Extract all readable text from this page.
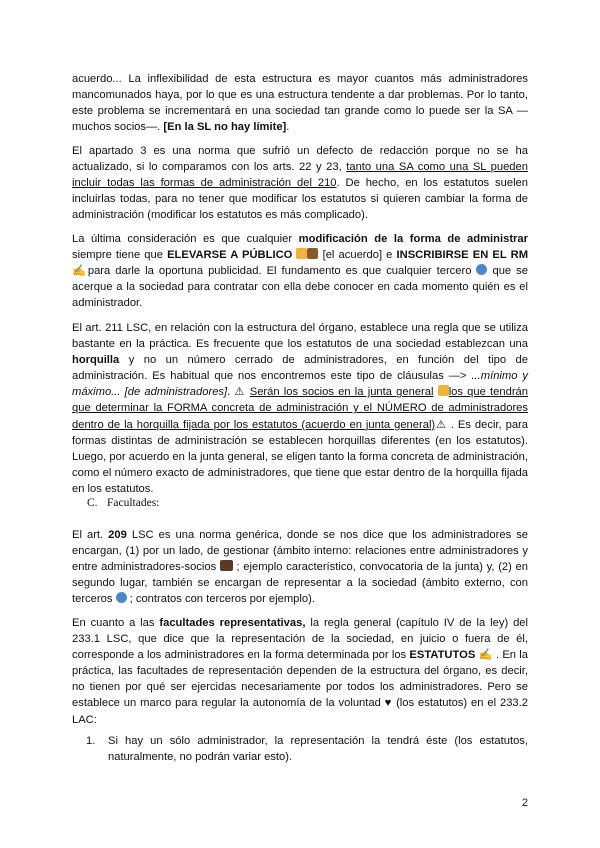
acuerdo... La inflexibilidad de esta estructura es mayor cuantos más administradores mancomunados haya, por lo que es una estructura tendente a dar problemas. Por lo tanto, este problema se incrementará en una sociedad tan grande como lo puede ser la SA —muchos socios—. [En la SL no hay límite].

El apartado 3 es una norma que sufrió un defecto de redacción porque no se ha actualizado, si lo comparamos con los arts. 22 y 23, tanto una SA como una SL pueden incluir todas las formas de administración del 210. De hecho, en los estatutos suelen incluirlas todas, para no tener que modificar los estatutos si quieren cambiar la forma de administración (modificar los estatutos es más complicado).

La última consideración es que cualquier modificación de la forma de administrar siempre tiene que ELEVARSE A PÚBLICO  [el acuerdo] e INSCRIBIRSE EN EL RM ✍para darle la oportuna publicidad. El fundamento es que cualquier tercero  que se acerque a la sociedad para contratar con ella debe conocer en cada momento quién es el administrador.

El art. 211 LSC, en relación con la estructura del órgano, establece una regla que se utiliza bastante en la práctica. Es frecuente que los estatutos de una sociedad establezcan una horquilla y no un número cerrado de administradores, en función del tipo de administración. Es habitual que nos encontremos este tipo de cláusulas —> ...mínimo y máximo... [de administradores]. ⚠ Serán los socios en la junta general los que tendrán que determinar la FORMA concreta de administración y el NÚMERO de administradores dentro de la horquilla fijada por los estatutos (acuerdo en junta general)⚠ . Es decir, para formas distintas de administración se establecen horquillas diferentes (en los estatutos). Luego, por acuerdo en la junta general, se eligen tanto la forma concreta de administración, como el número exacto de administradores, que tiene que estar dentro de la horquilla fijada en los estatutos.

C. Facultades:

El art. 209 LSC es una norma genérica, donde se nos dice que los administradores se encargan, (1) por un lado, de gestionar (ámbito interno: relaciones entre administradores y entre administradores-socios  ; ejemplo característico, convocatoria de la junta) y, (2) en segundo lugar, también se encargan de representar a la sociedad (ámbito externo, con terceros  ; contratos con terceros por ejemplo).

En cuanto a las facultades representativas, la regla general (capítulo IV de la ley) del 233.1 LSC, que dice que la representación de la sociedad, en juicio o fuera de él, corresponde a los administradores en la forma determinada por los ESTATUTOS ✍ . En la práctica, las facultades de representación dependen de la estructura del órgano, es decir, no tienen por qué ser ejercidas necesariamente por todos los administradores. Pero se establece un marco para regular la autonomía de la voluntad ♥ (los estatutos) en el 233.2 LAC:

1. Si hay un sólo administrador, la representación la tendrá éste (los estatutos, naturalmente, no podrán variar esto).
2
